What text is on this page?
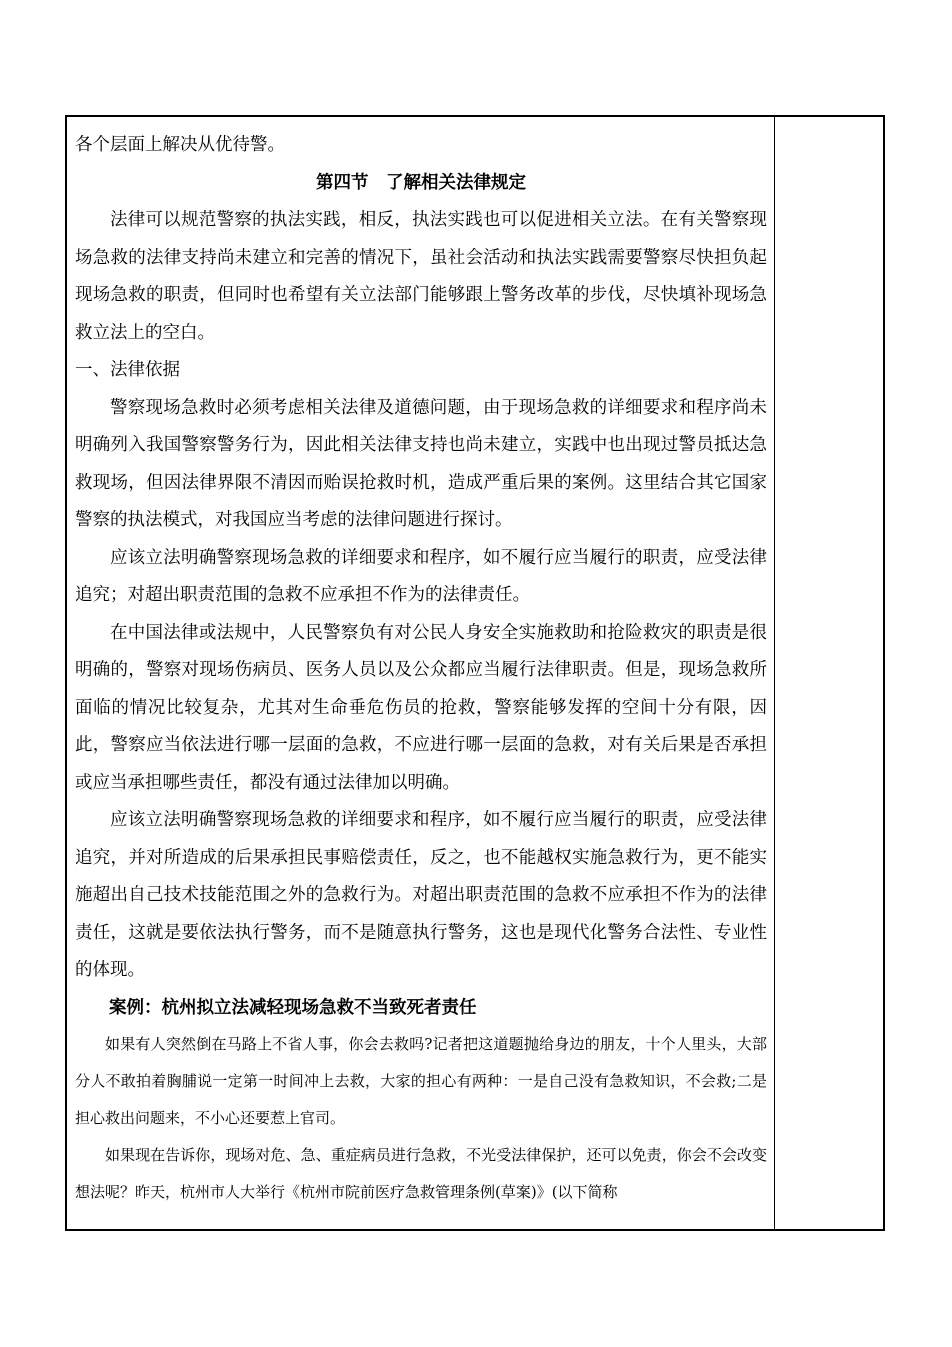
各个层面上解决从优待警。

第四节　了解相关法律规定

法律可以规范警察的执法实践，相反，执法实践也可以促进相关立法。在有关警察现场急救的法律支持尚未建立和完善的情况下，虽社会活动和执法实践需要警察尽快担负起现场急救的职责，但同时也希望有关立法部门能够跟上警务改革的步伐，尽快填补现场急救立法上的空白。

一、法律依据

警察现场急救时必须考虑相关法律及道德问题，由于现场急救的详细要求和程序尚未明确列入我国警察警务行为，因此相关法律支持也尚未建立，实践中也出现过警员抵达急救现场，但因法律界限不清因而贻误抢救时机，造成严重后果的案例。这里结合其它国家警察的执法模式，对我国应当考虑的法律问题进行探讨。

应该立法明确警察现场急救的详细要求和程序，如不履行应当履行的职责，应受法律追究；对超出职责范围的急救不应承担不作为的法律责任。

在中国法律或法规中，人民警察负有对公民人身安全实施救助和抢险救灾的职责是很明确的，警察对现场伤病员、医务人员以及公众都应当履行法律职责。但是，现场急救所面临的情况比较复杂，尤其对生命垂危伤员的抢救，警察能够发挥的空间十分有限，因此，警察应当依法进行哪一层面的急救，不应进行哪一层面的急救，对有关后果是否承担或应当承担哪些责任，都没有通过法律加以明确。

应该立法明确警察现场急救的详细要求和程序，如不履行应当履行的职责，应受法律追究，并对所造成的后果承担民事赔偿责任，反之，也不能越权实施急救行为，更不能实施超出自己技术技能范围之外的急救行为。对超出职责范围的急救不应承担不作为的法律责任，这就是要依法执行警务，而不是随意执行警务，这也是现代化警务合法性、专业性的体现。

案例：杭州拟立法减轻现场急救不当致死者责任

如果有人突然倒在马路上不省人事，你会去救吗?记者把这道题抛给身边的朋友，十个人里头，大部分人不敢拍着胸脯说一定第一时间冲上去救，大家的担心有两种：一是自己没有急救知识，不会救;二是担心救出问题来，不小心还要惹上官司。

如果现在告诉你，现场对危、急、重症病员进行急救，不光受法律保护，还可以免责，你会不会改变想法呢？昨天，杭州市人大举行《杭州市院前医疗急救管理条例(草案)》(以下简称
